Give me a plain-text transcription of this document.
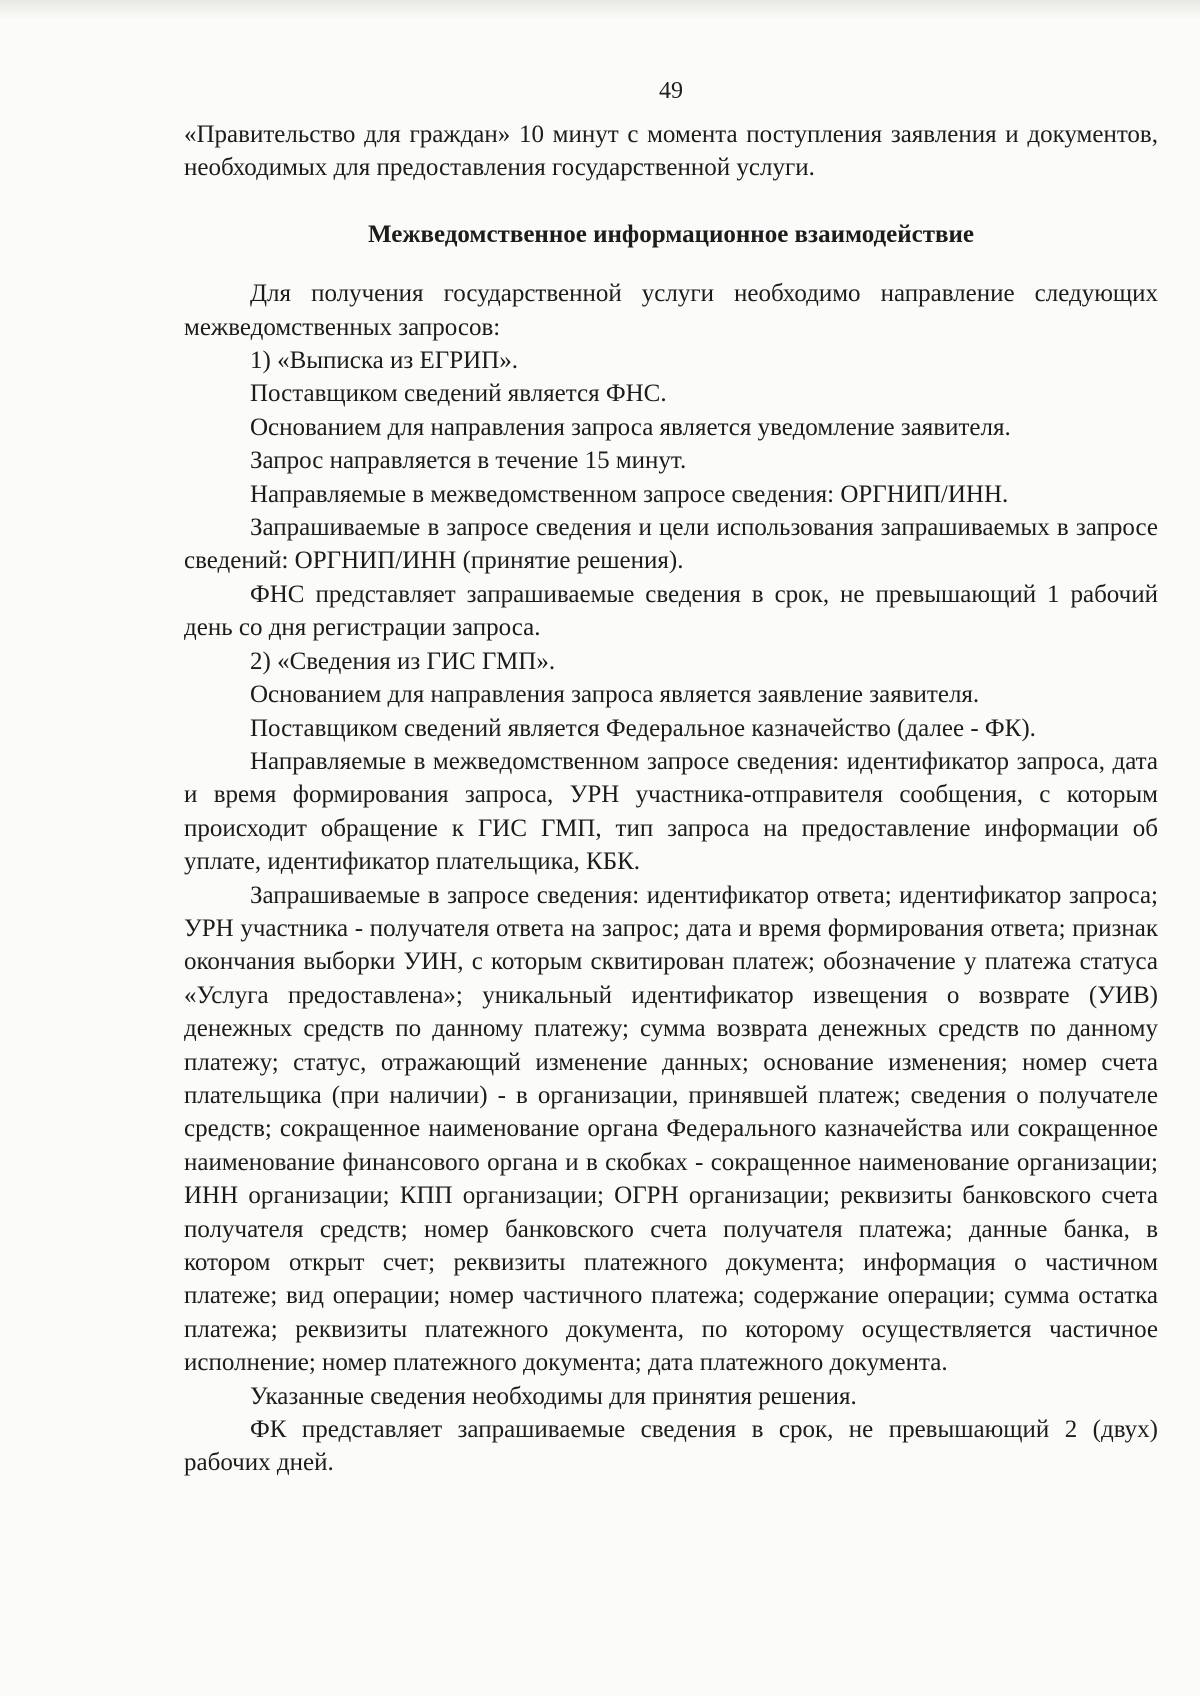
49

«Правительство для граждан» 10 минут с момента поступления заявления и документов, необходимых для предоставления государственной услуги.

Межведомственное информационное взаимодействие

Для получения государственной услуги необходимо направление следующих межведомственных запросов:

1) «Выписка из ЕГРИП».

Поставщиком сведений является ФНС.

Основанием для направления запроса является уведомление заявителя.

Запрос направляется в течение 15 минут.

Направляемые в межведомственном запросе сведения: ОРГНИП/ИНН.

Запрашиваемые в запросе сведения и цели использования запрашиваемых в запросе сведений: ОРГНИП/ИНН (принятие решения).

ФНС представляет запрашиваемые сведения в срок, не превышающий 1 рабочий день со дня регистрации запроса.

2) «Сведения из ГИС ГМП».

Основанием для направления запроса является заявление заявителя.

Поставщиком сведений является Федеральное казначейство (далее - ФК).

Направляемые в межведомственном запросе сведения: идентификатор запроса, дата и время формирования запроса, УРН участника-отправителя сообщения, с которым происходит обращение к ГИС ГМП, тип запроса на предоставление информации об уплате, идентификатор плательщика, КБК.

Запрашиваемые в запросе сведения: идентификатор ответа; идентификатор запроса; УРН участника - получателя ответа на запрос; дата и время формирования ответа; признак окончания выборки УИН, с которым сквитирован платеж; обозначение у платежа статуса «Услуга предоставлена»; уникальный идентификатор извещения о возврате (УИВ) денежных средств по данному платежу; сумма возврата денежных средств по данному платежу; статус, отражающий изменение данных; основание изменения; номер счета плательщика (при наличии) - в организации, принявшей платеж; сведения о получателе средств; сокращенное наименование органа Федерального казначейства или сокращенное наименование финансового органа и в скобках - сокращенное наименование организации; ИНН организации; КПП организации; ОГРН организации; реквизиты банковского счета получателя средств; номер банковского счета получателя платежа; данные банка, в котором открыт счет; реквизиты платежного документа; информация о частичном платеже; вид операции; номер частичного платежа; содержание операции; сумма остатка платежа; реквизиты платежного документа, по которому осуществляется частичное исполнение; номер платежного документа; дата платежного документа.

Указанные сведения необходимы для принятия решения.

ФК представляет запрашиваемые сведения в срок, не превышающий 2 (двух) рабочих дней.
